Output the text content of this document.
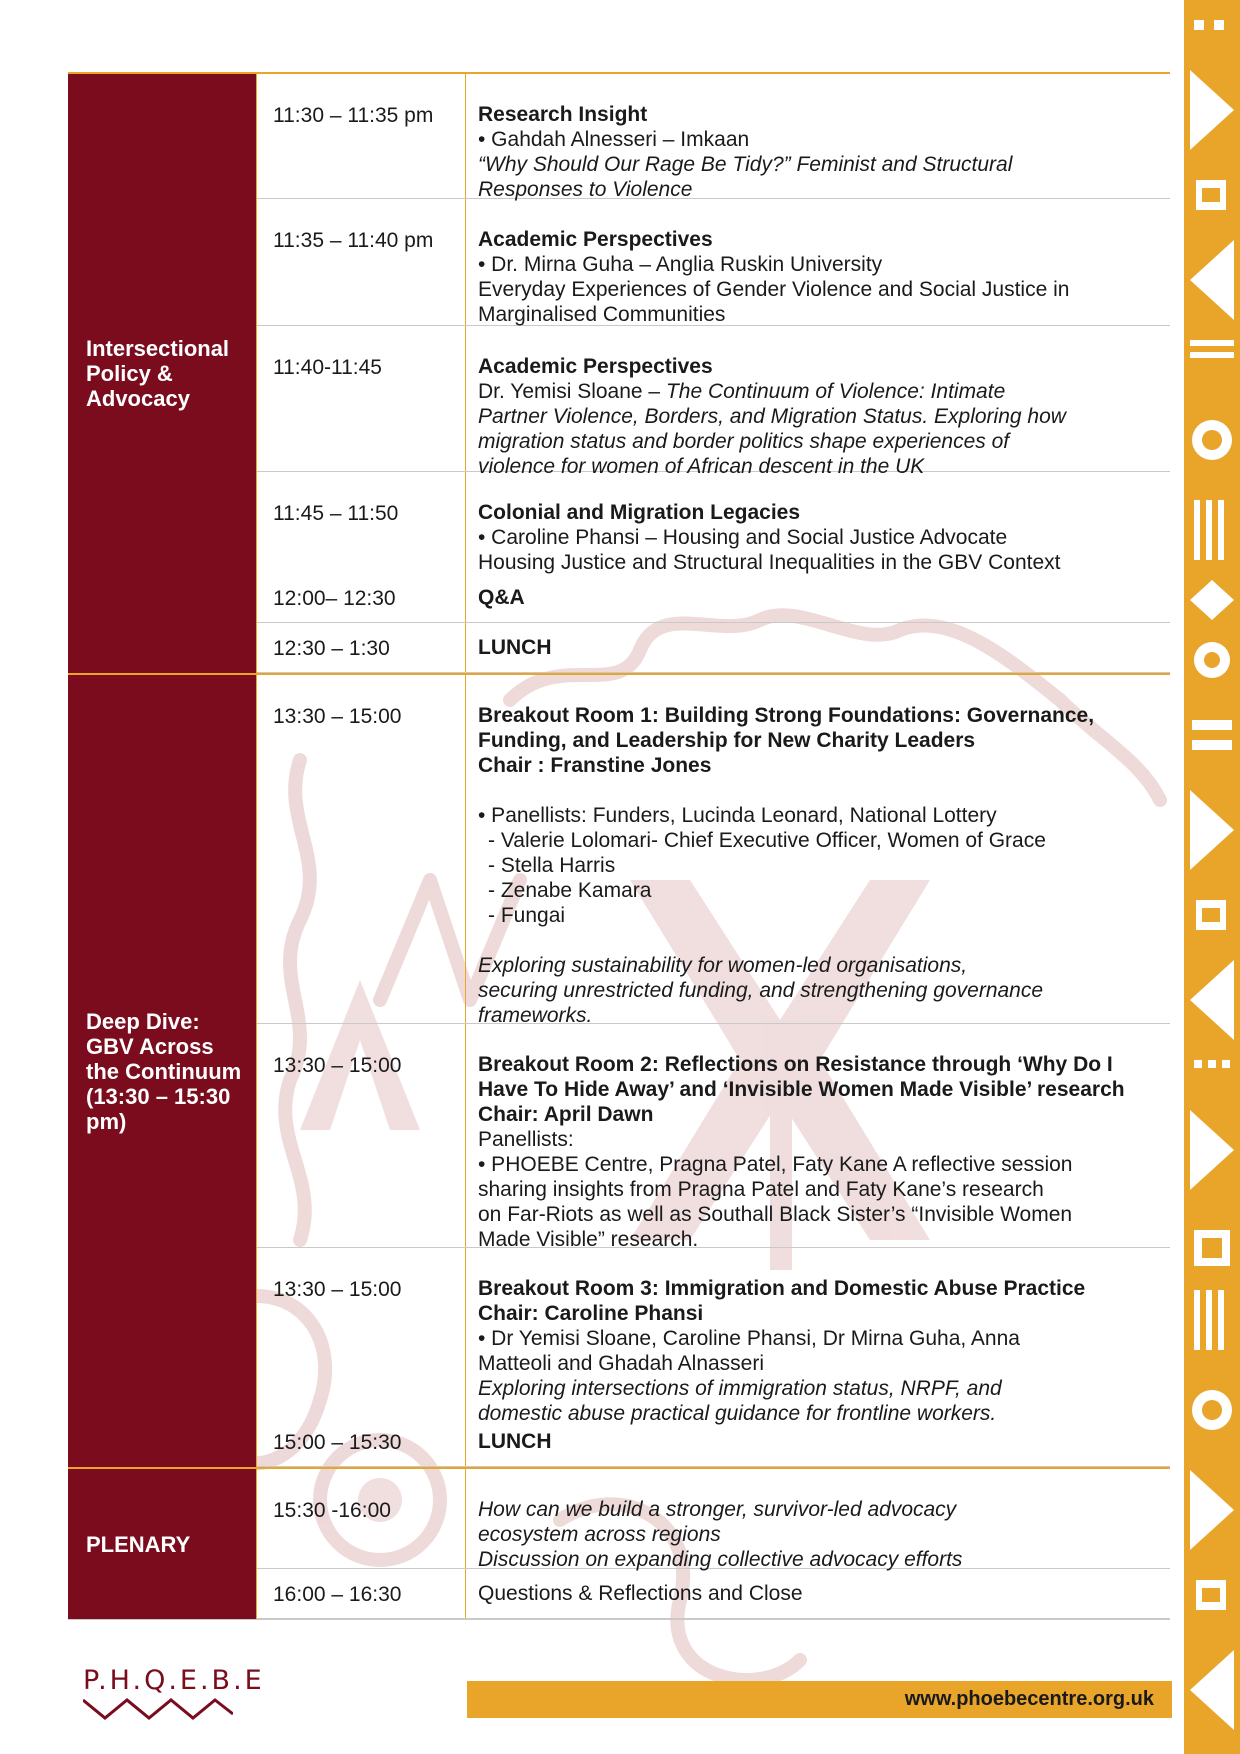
Intersectional
Policy &
Advocacy
11:30 – 11:35 pm	Research Insight
• Gahdah Alnesseri – Imkaan
“Why Should Our Rage Be Tidy?” Feminist and Structural
Responses to Violence
11:35 – 11:40 pm	Academic Perspectives
• Dr. Mirna Guha – Anglia Ruskin University
Everyday Experiences of Gender Violence and Social Justice in
Marginalised Communities
11:40-11:45	Academic Perspectives
Dr. Yemisi Sloane – The Continuum of Violence: Intimate
Partner Violence, Borders, and Migration Status. Exploring how
migration status and border politics shape experiences of
violence for women of African descent in the UK
11:45 – 11:50	Colonial and Migration Legacies
• Caroline Phansi – Housing and Social Justice Advocate
Housing Justice and Structural Inequalities in the GBV Context
12:00– 12:30	Q&A
12:30 – 1:30	LUNCH
Deep Dive:
GBV Across
the Continuum
(13:30 – 15:30
pm)
13:30 – 15:00	Breakout Room 1: Building Strong Foundations: Governance,
Funding, and Leadership for New Charity Leaders
Chair : Franstine Jones
• Panellists: Funders, Lucinda Leonard, National Lottery
- Valerie Lolomari- Chief Executive Officer, Women of Grace
- Stella Harris
- Zenabe Kamara
- Fungai
Exploring sustainability for women-led organisations,
securing unrestricted funding, and strengthening governance
frameworks.
13:30 – 15:00	Breakout Room 2: Reflections on Resistance through ‘Why Do I
Have To Hide Away’ and ‘Invisible Women Made Visible’ research
Chair: April Dawn
Panellists:
• PHOEBE Centre, Pragna Patel, Faty Kane A reflective session
sharing insights from Pragna Patel and Faty Kane’s research
on Far-Riots as well as Southall Black Sister’s “Invisible Women
Made Visible” research.
13:30 – 15:00	Breakout Room 3: Immigration and Domestic Abuse Practice
Chair: Caroline Phansi
• Dr Yemisi Sloane, Caroline Phansi, Dr Mirna Guha, Anna
Matteoli and Ghadah Alnasseri
Exploring intersections of immigration status, NRPF, and
domestic abuse practical guidance for frontline workers.
15:00 – 15:30	LUNCH
PLENARY
15:30 -16:00	How can we build a stronger, survivor-led advocacy
ecosystem across regions
Discussion on expanding collective advocacy efforts
16:00 – 16:30	Questions & Reflections and Close
P.H.Q.E.B.E
www.phoebecentre.org.uk
